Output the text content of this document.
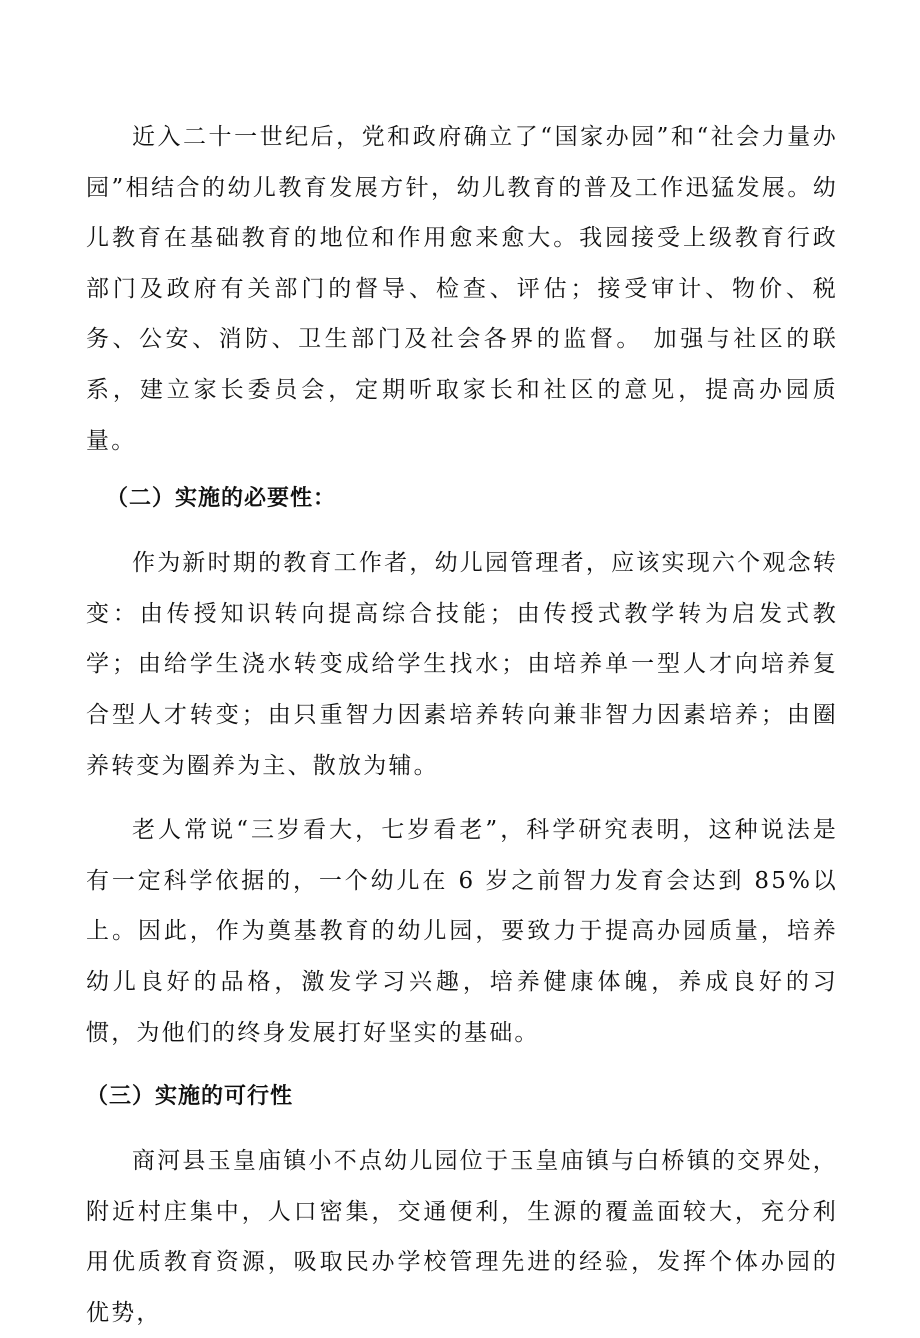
近入二十一世纪后，党和政府确立了“国家办园”和“社会力量办园”相结合的幼儿教育发展方针，幼儿教育的普及工作迅猛发展。幼儿教育在基础教育的地位和作用愈来愈大。我园接受上级教育行政部门及政府有关部门的督导、检查、评估；接受审计、物价、税务、公安、消防、卫生部门及社会各界的监督。 加强与社区的联系，建立家长委员会，定期听取家长和社区的意见，提高办园质量。

（二）实施的必要性：

作为新时期的教育工作者，幼儿园管理者，应该实现六个观念转变：由传授知识转向提高综合技能；由传授式教学转为启发式教学；由给学生浇水转变成给学生找水；由培养单一型人才向培养复合型人才转变；由只重智力因素培养转向兼非智力因素培养；由圈养转变为圈养为主、散放为辅。

老人常说“三岁看大，七岁看老”，科学研究表明，这种说法是有一定科学依据的，一个幼儿在 6 岁之前智力发育会达到 85%以上。因此，作为奠基教育的幼儿园，要致力于提高办园质量，培养幼儿良好的品格，激发学习兴趣，培养健康体魄，养成良好的习惯，为他们的终身发展打好坚实的基础。

（三）实施的可行性

商河县玉皇庙镇小不点幼儿园位于玉皇庙镇与白桥镇的交界处，附近村庄集中，人口密集，交通便利，生源的覆盖面较大，充分利用优质教育资源，吸取民办学校管理先进的经验，发挥个体办园的优势，
